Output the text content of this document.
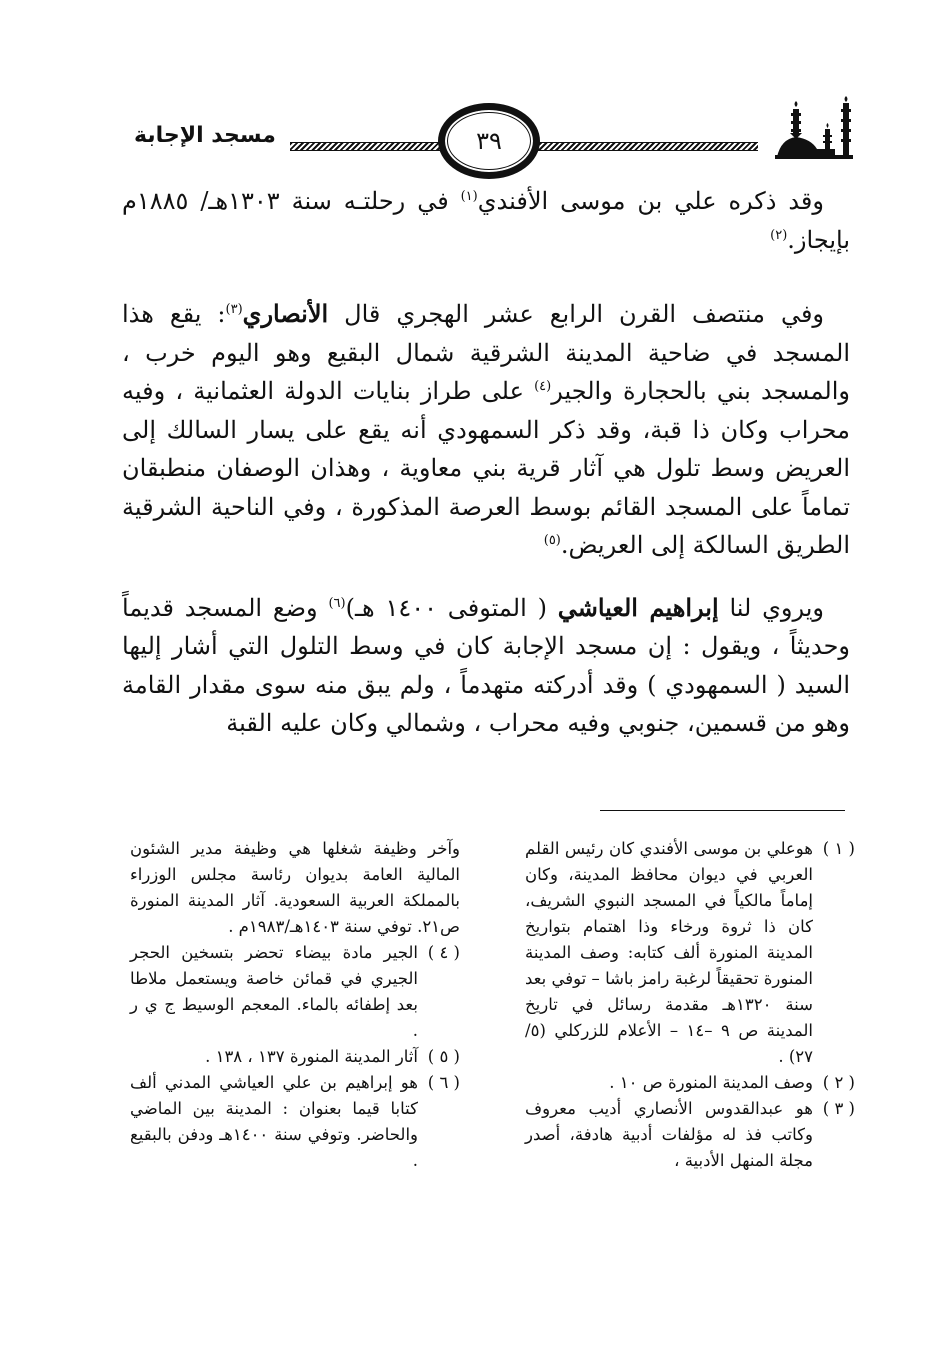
مسجد الإجابة	٣٩

وقد ذكره علي بن موسى الأفندي$^{(١)}$ في رحلتـه سنة ١٣٠٣هـ/ ١٨٨٥م بإيجاز.$^{(٢)}$

وفي منتصف القرن الرابع عشر الهجري قال الأنصاري$^{(٣)}$: يقع هذا المسجد في ضاحية المدينة الشرقية شمال البقيع وهو اليوم خرب ، والمسجد بني بالحجارة والجير$^{(٤)}$ على طراز بنايات الدولة العثمانية ، وفيه محراب وكان ذا قبة، وقد ذكر السمهودي أنه يقع على يسار السالك إلى العريض وسط تلول هي آثار قرية بني معاوية ، وهذان الوصفان منطبقان تماماً على المسجد القائم بوسط العرصة المذكورة ، وفي الناحية الشرقية الطريق السالكة إلى العريض.$^{(٥)}$

ويروي لنا إبراهيم العياشي ( المتوفى ١٤٠٠ هـ)$^{(٦)}$ وضع المسجد قديماً وحديثاً ، ويقول : إن مسجد الإجابة كان في وسط التلول التي أشار إليها السيد ( السمهودي ) وقد أدركته متهدماً ، ولم يبق منه سوى مقدار القامة وهو من قسمين، جنوبي وفيه محراب ، وشمالي وكان عليه القبة

وآخر وظيفة شغلها هي وظيفة مدير الشئون المالية العامة بديوان رئاسة مجلس الوزراء بالمملكة العربية السعودية. آثار المدينة المنورة ص٢١. توفي سنة ١٤٠٣هـ/١٩٨٣م .
( ٤ )
الجير مادة بيضاء تحضر بتسخين الحجر الجيري في قمائن خاصة ويستعمل ملاطا بعد إطفائه بالماء. المعجم الوسيط ج ي ر .
( ٥ )
آثار المدينة المنورة ١٣٧ ، ١٣٨ .
( ٦ )
هو إبراهيم بن علي العياشي المدني ألف كتابا قيما بعنوان : المدينة بين الماضي والحاضر. وتوفي سنة ١٤٠٠هـ ودفن بالبقيع .
( ١ )
هوعلي بن موسى الأفندي كان رئيس القلم العربي في ديوان محافظ المدينة، وكان إماماً مالكياً في المسجد النبوي الشريف، كان ذا ثروة ورخاء وذا اهتمام بتواريخ المدينة المنورة ألف كتابه: وصف المدينة المنورة تحقيقاً لرغبة رامز باشا – توفي بعد سنة ١٣٢٠هـ مقدمة رسائل في تاريخ المدينة ص ٩ –١٤ – الأعلام للزركلي (٥/ ٢٧) .
( ٢ )
وصف المدينة المنورة ص ١٠ .
( ٣ )
هو عبدالقدوس الأنصاري أديب معروف وكاتب فذ له مؤلفات أدبية هادفة، أصدر مجلة المنهل الأدبية ،
